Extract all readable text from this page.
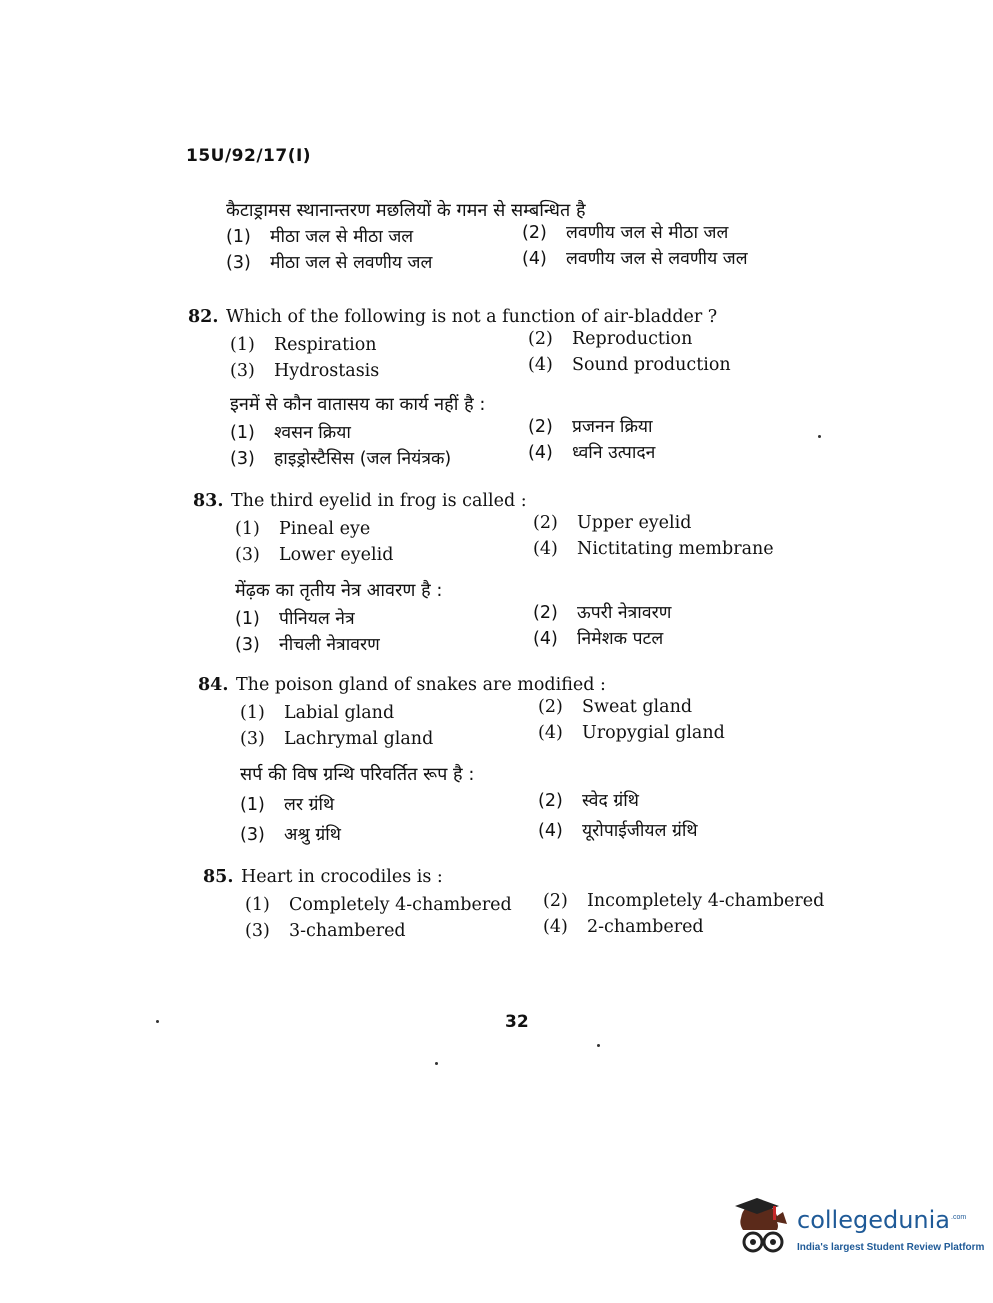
15U/92/17(I)
कैटाड्रामस स्थानान्तरण मछलियों के गमन से सम्बन्धित है
(1) मीठा जल से मीठा जल	(2) लवणीय जल से मीठा जल
(3) मीठा जल से लवणीय जल	(4) लवणीय जल से लवणीय जल
82. Which of the following is not a function of air-bladder ?
(1) Respiration	(2) Reproduction
(3) Hydrostasis	(4) Sound production
इनमें से कौन वातासय का कार्य नहीं है :
(1) श्वसन क्रिया	(2) प्रजनन क्रिया
(3) हाइड्रोस्टैसिस (जल नियंत्रक)	(4) ध्वनि उत्पादन
83. The third eyelid in frog is called :
(1) Pineal eye	(2) Upper eyelid
(3) Lower eyelid	(4) Nictitating membrane
मेंढ़क का तृतीय नेत्र आवरण है :
(1) पीनियल नेत्र	(2) ऊपरी नेत्रावरण
(3) नीचली नेत्रावरण	(4) निमेशक पटल
84. The poison gland of snakes are modified :
(1) Labial gland	(2) Sweat gland
(3) Lachrymal gland	(4) Uropygial gland
सर्प की विष ग्रन्थि परिवर्तित रूप है :
(1) लर ग्रंथि	(2) स्वेद ग्रंथि
(3) अश्रु ग्रंथि	(4) यूरोपाईजीयल ग्रंथि
85. Heart in crocodiles is :
(1) Completely 4-chambered (2) Incompletely 4-chambered
(3) 3-chambered	(4) 2-chambered
32
collegedunia .com
India's largest Student Review Platform
